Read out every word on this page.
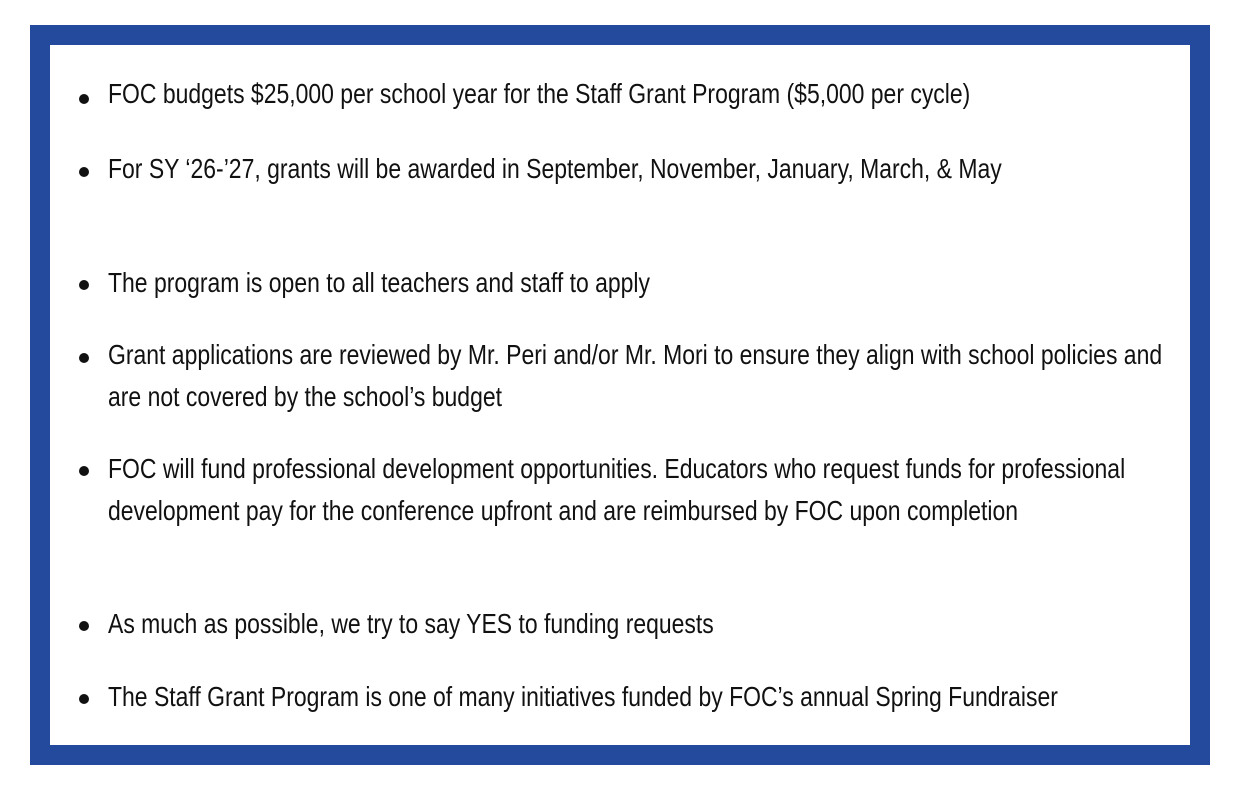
FOC budgets $25,000 per school year for the Staff Grant Program ($5,000 per cycle)
For SY ‘26-’27, grants will be awarded in September, November, January, March, & May
The program is open to all teachers and staff to apply
Grant applications are reviewed by Mr. Peri and/or Mr. Mori to ensure they align with school policies and are not covered by the school’s budget
FOC will fund professional development opportunities. Educators who request funds for professional development pay for the conference upfront and are reimbursed by FOC upon completion
As much as possible, we try to say YES to funding requests
The Staff Grant Program is one of many initiatives funded by FOC’s annual Spring Fundraiser
